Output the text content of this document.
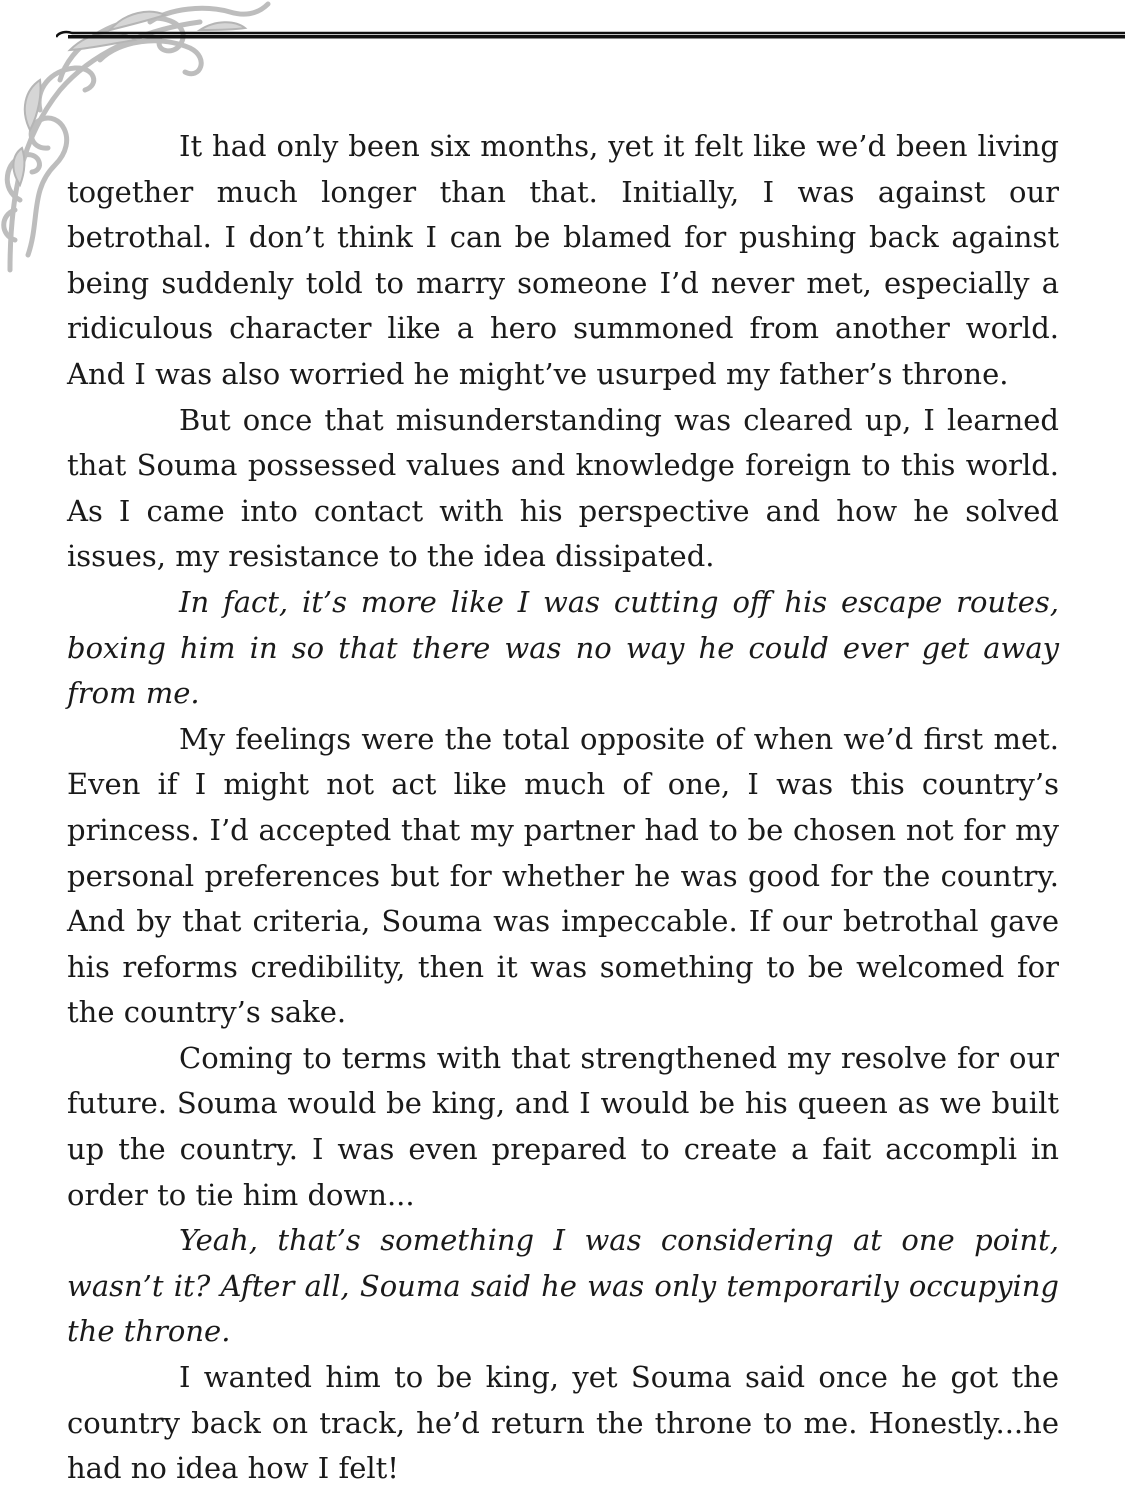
It had only been six months, yet it felt like we’d been living together much longer than that. Initially, I was against our betrothal. I don’t think I can be blamed for pushing back against being suddenly told to marry someone I’d never met, especially a ridiculous character like a hero summoned from another world. And I was also worried he might’ve usurped my father’s throne.

But once that misunderstanding was cleared up, I learned that Souma possessed values and knowledge foreign to this world. As I came into contact with his perspective and how he solved issues, my resistance to the idea dissipated.

In fact, it’s more like I was cutting off his escape routes, boxing him in so that there was no way he could ever get away from me.

My feelings were the total opposite of when we’d first met. Even if I might not act like much of one, I was this country’s princess. I’d accepted that my partner had to be chosen not for my personal preferences but for whether he was good for the country. And by that criteria, Souma was impeccable. If our betrothal gave his reforms credibility, then it was something to be welcomed for the country’s sake.

Coming to terms with that strengthened my resolve for our future. Souma would be king, and I would be his queen as we built up the country. I was even prepared to create a fait accompli in order to tie him down...

Yeah, that’s something I was considering at one point, wasn’t it? After all, Souma said he was only temporarily occupying the throne.

I wanted him to be king, yet Souma said once he got the country back on track, he’d return the throne to me. Honestly...he had no idea how I felt!
